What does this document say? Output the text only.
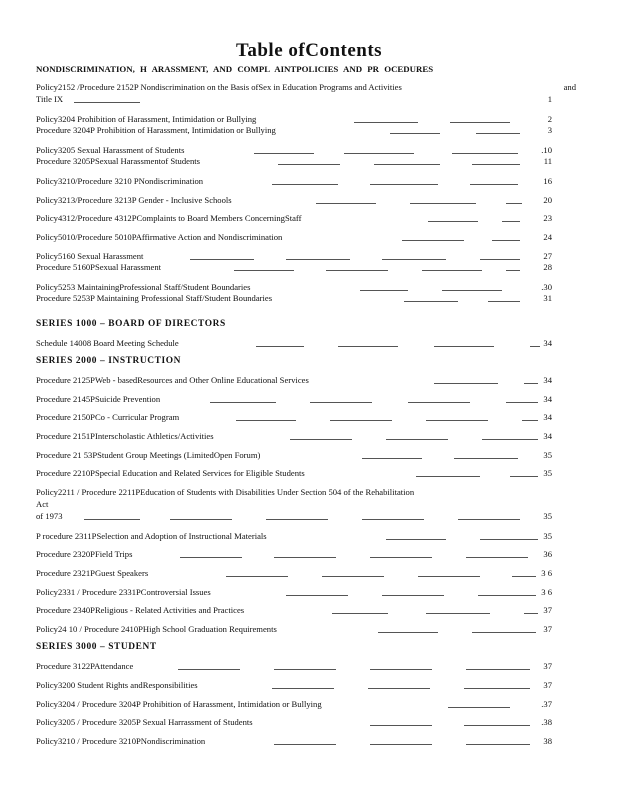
Table ofContents
NONDISCRIMINATION, H ARASSMENT, AND COMPL AINTPOLICIES AND PR OCEDURES
Policy2152 /Procedure 2152P Nondiscrimination on the Basis ofSex in Education Programs and Activities	and
Title IX	1
Policy3204 Prohibition of Harassment, Intimidation or Bullying	2
Procedure 3204P Prohibition of Harassment, Intimidation or Bullying	3
Policy3205 Sexual Harassment of Students	.10
Procedure 3205PSexual Harassmentof Students	11
Policy3210/Procedure 3210 PNondiscrimination	16
Policy3213/Procedure 3213P Gender - Inclusive Schools	20
Policy4312/Procedure 4312PComplaints to Board Members ConcerningStaff	23
Policy5010/Procedure 5010PAffirmative Action and Nondiscrimination	24
Policy5160 Sexual Harassment	27
Procedure 5160PSexual Harassment	28
Policy5253 MaintainingProfessional Staff/Student Boundaries	.30
Procedure 5253P Maintaining Professional Staff/Student Boundaries	31
SERIES 1000 – BOARD OF DIRECTORS
Schedule 14008 Board Meeting Schedule	34
SERIES 2000 – INSTRUCTION
Procedure 2125PWeb - basedResources and Other Online Educational Services	34
Procedure 2145PSuicide Prevention	34
Procedure 2150PCo - Curricular Program	34
Procedure 2151PInterscholastic Athletics/Activities	34
Procedure 21 53PStudent Group Meetings (LimitedOpen Forum)	35
Procedure 2210PSpecial Education and Related Services for Eligible Students	35
Policy2211 / Procedure 2211PEducation of Students with Disabilities Under Section 504 of the Rehabilitation
Act
of 1973	35
P rocedure 2311PSelection and Adoption of Instructional Materials	35
Procedure 2320PField Trips	36
Procedure 2321PGuest Speakers	3 6
Policy2331 / Procedure 2331PControversial Issues	3 6
Procedure 2340PReligious - Related Activities and Practices	37
Policy24 10 / Procedure 2410PHigh School Graduation Requirements	37
SERIES 3000 – STUDENT
Procedure 3122PAttendance	37
Policy3200 Student Rights andResponsibilities	37
Policy3204 / Procedure 3204P Prohibition of Harassment, Intimidation or Bullying	.37
Policy3205 / Procedure 3205P Sexual Harrassment of Students	.38
Policy3210 / Procedure 3210PNondiscrimination	38
